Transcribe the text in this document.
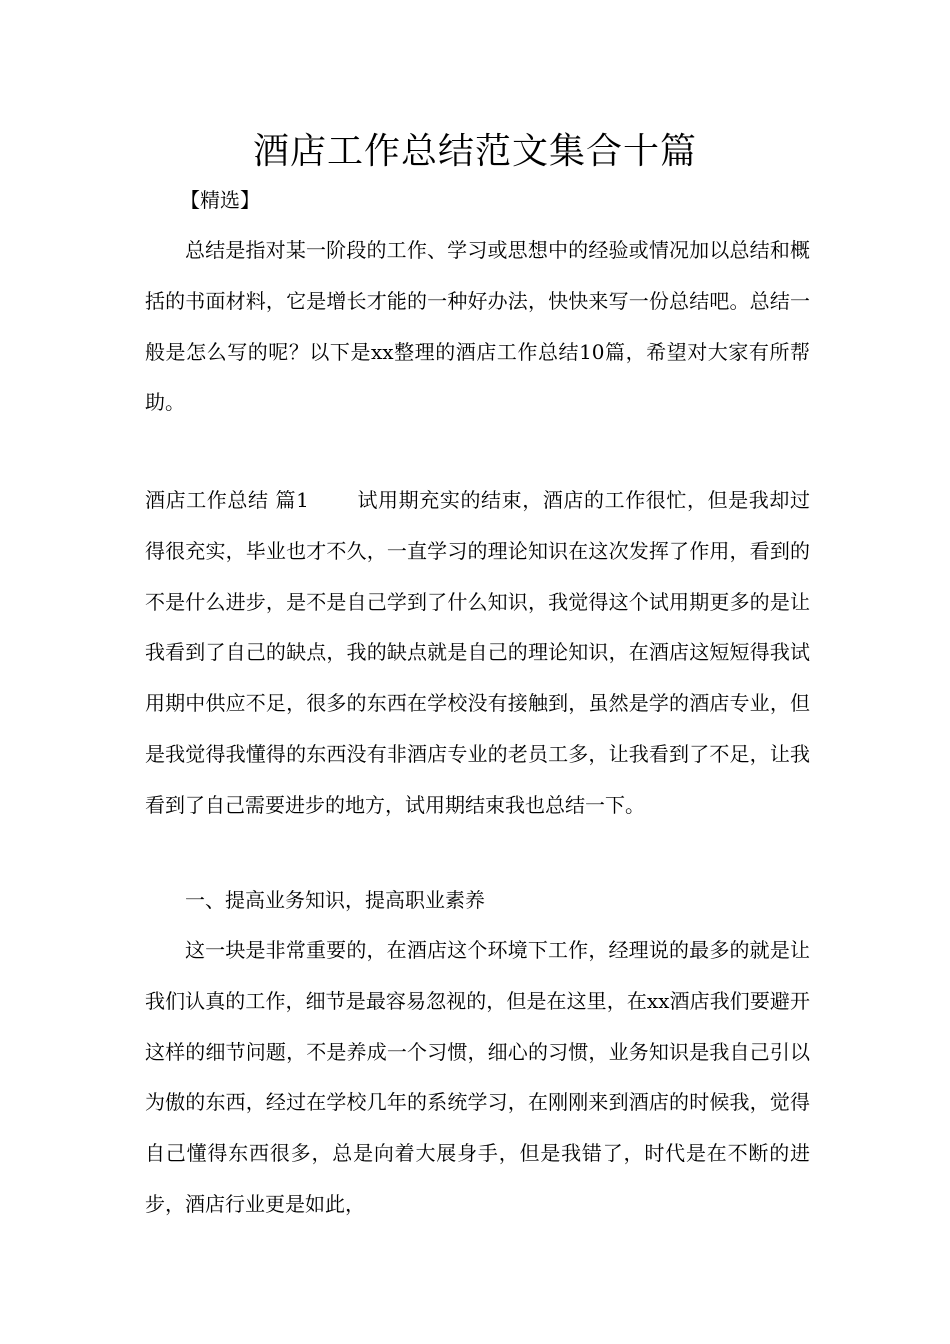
酒店工作总结范文集合十篇

【精选】

总结是指对某一阶段的工作、学习或思想中的经验或情况加以总结和概括的书面材料，它是增长才能的一种好办法，快快来写一份总结吧。总结一般是怎么写的呢？以下是xx整理的酒店工作总结10篇，希望对大家有所帮助。

酒店工作总结 篇1 试用期充实的结束，酒店的工作很忙，但是我却过得很充实，毕业也才不久，一直学习的理论知识在这次发挥了作用，看到的不是什么进步，是不是自己学到了什么知识，我觉得这个试用期更多的是让我看到了自己的缺点，我的缺点就是自己的理论知识，在酒店这短短得我试用期中供应不足，很多的东西在学校没有接触到，虽然是学的酒店专业，但是我觉得我懂得的东西没有非酒店专业的老员工多，让我看到了不足，让我看到了自己需要进步的地方，试用期结束我也总结一下。

一、提高业务知识，提高职业素养

这一块是非常重要的，在酒店这个环境下工作，经理说的最多的就是让我们认真的工作，细节是最容易忽视的，但是在这里，在xx酒店我们要避开这样的细节问题，不是养成一个习惯，细心的习惯，业务知识是我自己引以为傲的东西，经过在学校几年的系统学习，在刚刚来到酒店的时候我，觉得自己懂得东西很多，总是向着大展身手，但是我错了，时代是在不断的进步，酒店行业更是如此，
